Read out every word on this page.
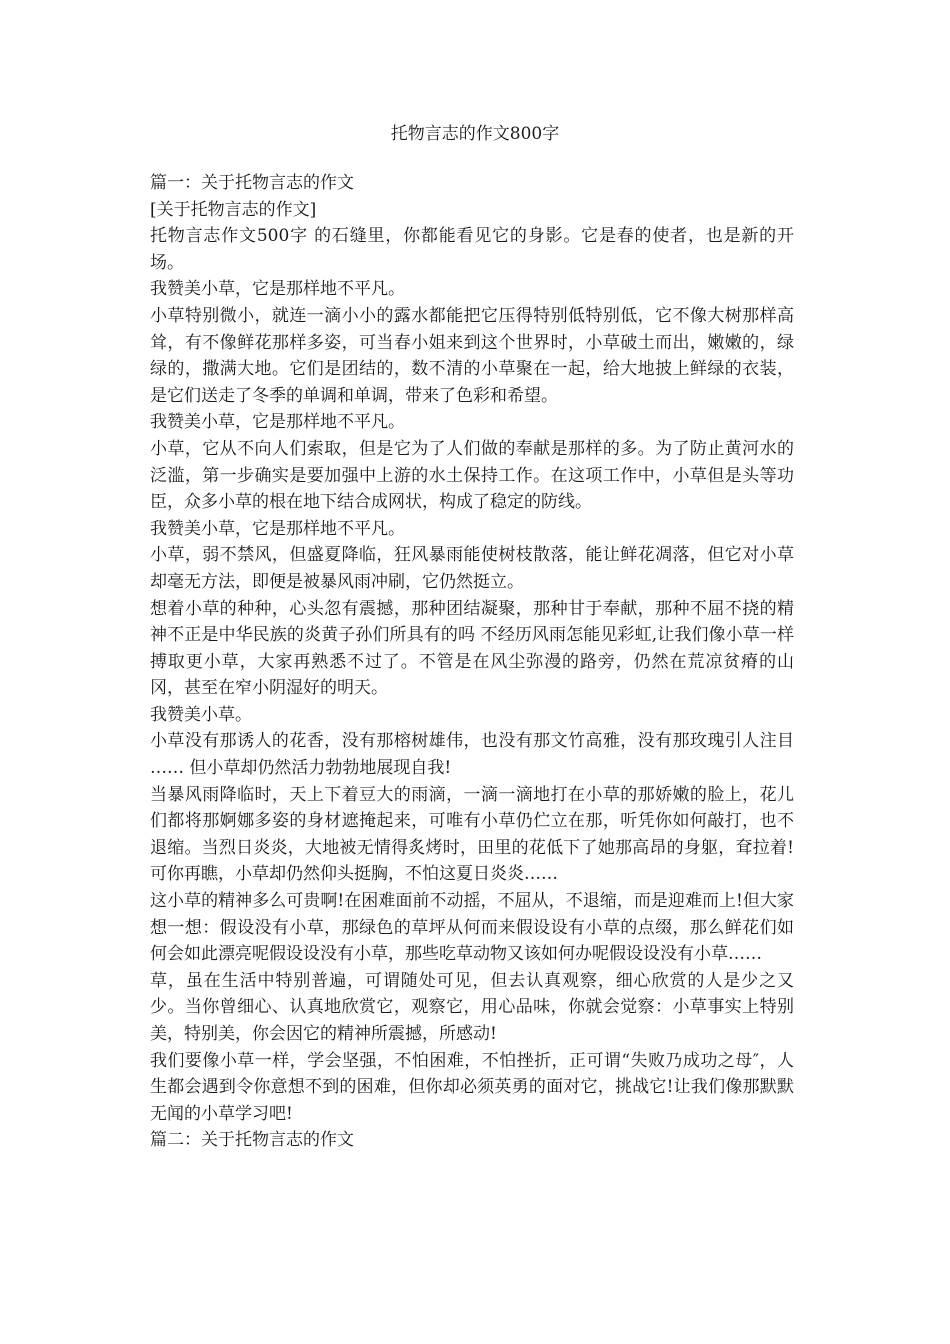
托物言志的作文800字

篇一：关于托物言志的作文

[关于托物言志的作文]

托物言志作文500字 的石缝里，你都能看见它的身影。它是春的使者，也是新的开场。

我赞美小草，它是那样地不平凡。

小草特别微小，就连一滴小小的露水都能把它压得特别低特别低，它不像大树那样高耸，有不像鲜花那样多姿，可当春小姐来到这个世界时，小草破土而出，嫩嫩的，绿绿的，撒满大地。它们是团结的，数不清的小草聚在一起，给大地披上鲜绿的衣装，是它们送走了冬季的单调和单调，带来了色彩和希望。

我赞美小草，它是那样地不平凡。

小草，它从不向人们索取，但是它为了人们做的奉献是那样的多。为了防止黄河水的泛滥，第一步确实是要加强中上游的水土保持工作。在这项工作中，小草但是头等功臣，众多小草的根在地下结合成网状，构成了稳定的防线。

我赞美小草，它是那样地不平凡。

小草，弱不禁风，但盛夏降临，狂风暴雨能使树枝散落，能让鲜花凋落，但它对小草却毫无方法，即便是被暴风雨冲刷，它仍然挺立。

想着小草的种种，心头忽有震撼，那种团结凝聚，那种甘于奉献，那种不屈不挠的精神不正是中华民族的炎黄子孙们所具有的吗 不经历风雨怎能见彩虹,让我们像小草一样搏取更小草，大家再熟悉不过了。不管是在风尘弥漫的路旁，仍然在荒凉贫瘠的山冈，甚至在窄小阴湿好的明天。

我赞美小草。

小草没有那诱人的花香，没有那榕树雄伟，也没有那文竹高雅，没有那玫瑰引人注目 …… 但小草却仍然活力勃勃地展现自我!

当暴风雨降临时，天上下着豆大的雨滴，一滴一滴地打在小草的那娇嫩的脸上，花儿们都将那婀娜多姿的身材遮掩起来，可唯有小草仍伫立在那，听凭你如何敲打，也不退缩。当烈日炎炎，大地被无情得炙烤时，田里的花低下了她那高昂的身躯，耷拉着!可你再瞧，小草却仍然仰头挺胸，不怕这夏日炎炎……

这小草的精神多么可贵啊!在困难面前不动摇，不屈从，不退缩，而是迎难而上!但大家想一想：假设没有小草，那绿色的草坪从何而来假设设有小草的点缀，那么鲜花们如何会如此漂亮呢假设设没有小草，那些吃草动物又该如何办呢假设设没有小草……

草，虽在生活中特别普遍，可谓随处可见，但去认真观察，细心欣赏的人是少之又少。当你曾细心、认真地欣赏它，观察它，用心品味，你就会觉察：小草事实上特别美，特别美，你会因它的精神所震撼，所感动!

我们要像小草一样，学会坚强，不怕困难，不怕挫折，正可谓“失败乃成功之母″，人生都会遇到令你意想不到的困难，但你却必须英勇的面对它，挑战它!让我们像那默默无闻的小草学习吧!

篇二：关于托物言志的作文
